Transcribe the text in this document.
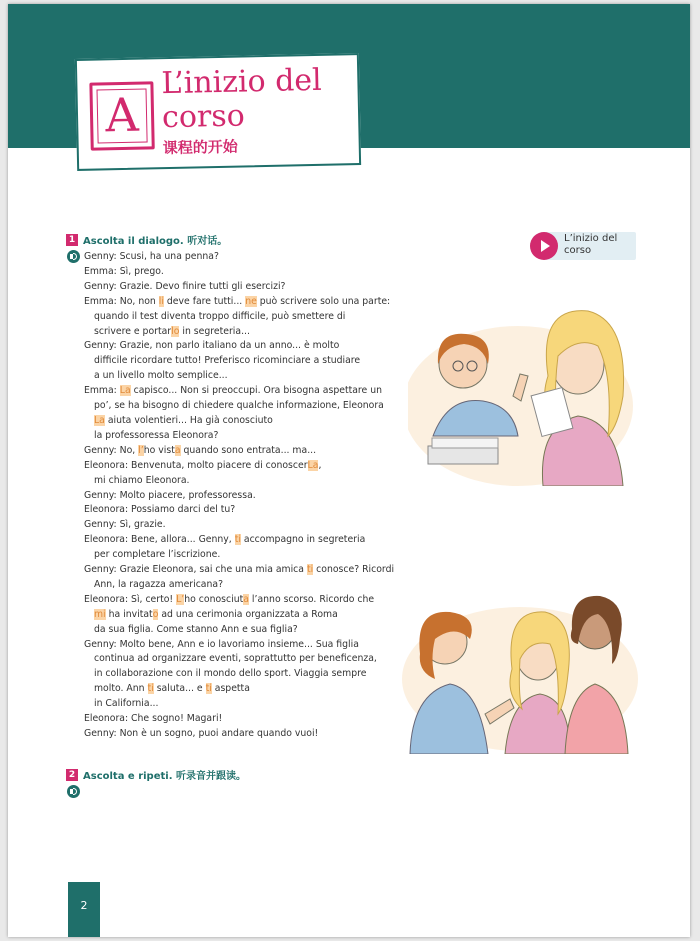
A
L’inizio del corso
课程的开始
1 Ascolta il dialogo. 听对话。	L’inizio del corso
Genny: Scusi, ha una penna?
Emma: Sì, prego.
Genny: Grazie. Devo finire tutti gli esercizi?
Emma: No, non li deve fare tutti... ne può scrivere solo una parte:
quando il test diventa troppo difficile, può smettere di
scrivere e portarlo in segreteria...
Genny: Grazie, non parlo italiano da un anno... è molto
difficile ricordare tutto! Preferisco ricominciare a studiare
a un livello molto semplice...
Emma: La capisco... Non si preoccupi. Ora bisogna aspettare un
po’, se ha bisogno di chiedere qualche informazione, Eleonora
La aiuta volentieri... Ha già conosciuto
la professoressa Eleonora?
Genny: No, l’ho vista quando sono entrata... ma...
Eleonora: Benvenuta, molto piacere di conoscerLa,
mi chiamo Eleonora.
Genny: Molto piacere, professoressa.
Eleonora: Possiamo darci del tu?
Genny: Sì, grazie.
Eleonora: Bene, allora... Genny, ti accompagno in segreteria
per completare l’iscrizione.
Genny: Grazie Eleonora, sai che una mia amica ti conosce? Ricordi
Ann, la ragazza americana?
Eleonora: Sì, certo! L’ho conosciuta l’anno scorso. Ricordo che
mi ha invitato ad una cerimonia organizzata a Roma
da sua figlia. Come stanno Ann e sua figlia?
Genny: Molto bene, Ann e io lavoriamo insieme... Sua figlia
continua ad organizzare eventi, soprattutto per beneficenza,
in collaborazione con il mondo dello sport. Viaggia sempre
molto. Ann ti saluta... e ti aspetta
in California...
Eleonora: Che sogno! Magari!
Genny: Non è un sogno, puoi andare quando vuoi!
2 Ascolta e ripeti. 听录音并跟读。
2
